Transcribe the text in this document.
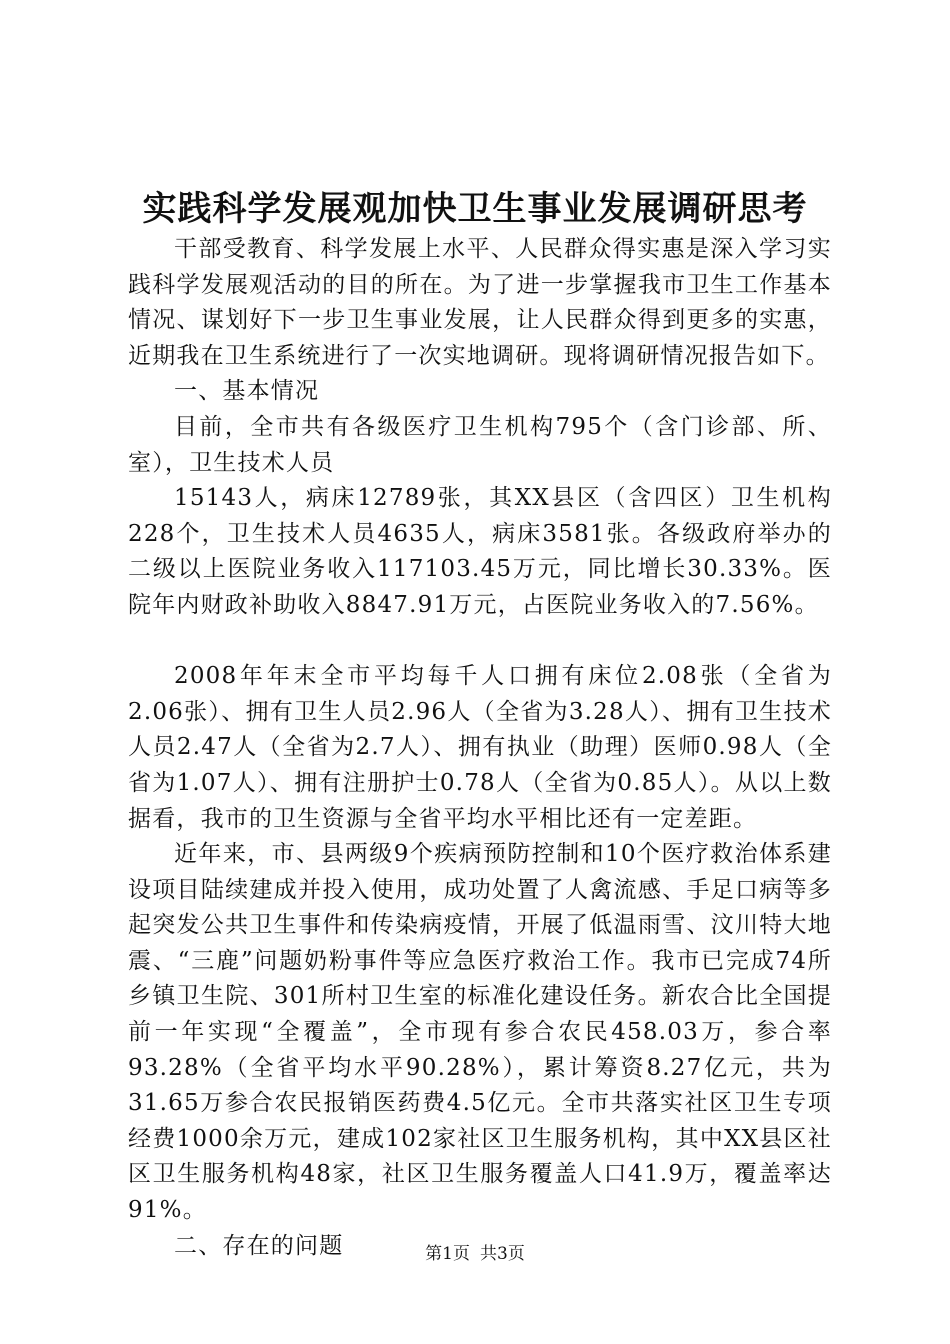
实践科学发展观加快卫生事业发展调研思考

干部受教育、科学发展上水平、人民群众得实惠是深入学习实践科学发展观活动的目的所在。为了进一步掌握我市卫生工作基本情况、谋划好下一步卫生事业发展，让人民群众得到更多的实惠，近期我在卫生系统进行了一次实地调研。现将调研情况报告如下。

一、基本情况

目前，全市共有各级医疗卫生机构795个（含门诊部、所、室），卫生技术人员

15143人，病床12789张，其XX县区（含四区）卫生机构228个，卫生技术人员4635人，病床3581张。各级政府举办的二级以上医院业务收入117103.45万元，同比增长30.33%。医院年内财政补助收入8847.91万元，占医院业务收入的7.56%。

2008年年末全市平均每千人口拥有床位2.08张（全省为2.06张）、拥有卫生人员2.96人（全省为3.28人）、拥有卫生技术人员2.47人（全省为2.7人）、拥有执业（助理）医师0.98人（全省为1.07人）、拥有注册护士0.78人（全省为0.85人）。从以上数据看，我市的卫生资源与全省平均水平相比还有一定差距。

近年来，市、县两级9个疾病预防控制和10个医疗救治体系建设项目陆续建成并投入使用，成功处置了人禽流感、手足口病等多起突发公共卫生事件和传染病疫情，开展了低温雨雪、汶川特大地震、“三鹿”问题奶粉事件等应急医疗救治工作。我市已完成74所乡镇卫生院、301所村卫生室的标准化建设任务。新农合比全国提前一年实现“全覆盖”，全市现有参合农民458.03万，参合率93.28%（全省平均水平90.28%），累计筹资8.27亿元，共为31.65万参合农民报销医药费4.5亿元。全市共落实社区卫生专项经费1000余万元，建成102家社区卫生服务机构，其中XX县区社区卫生服务机构48家，社区卫生服务覆盖人口41.9万，覆盖率达91%。

二、存在的问题	第1页 共3页
